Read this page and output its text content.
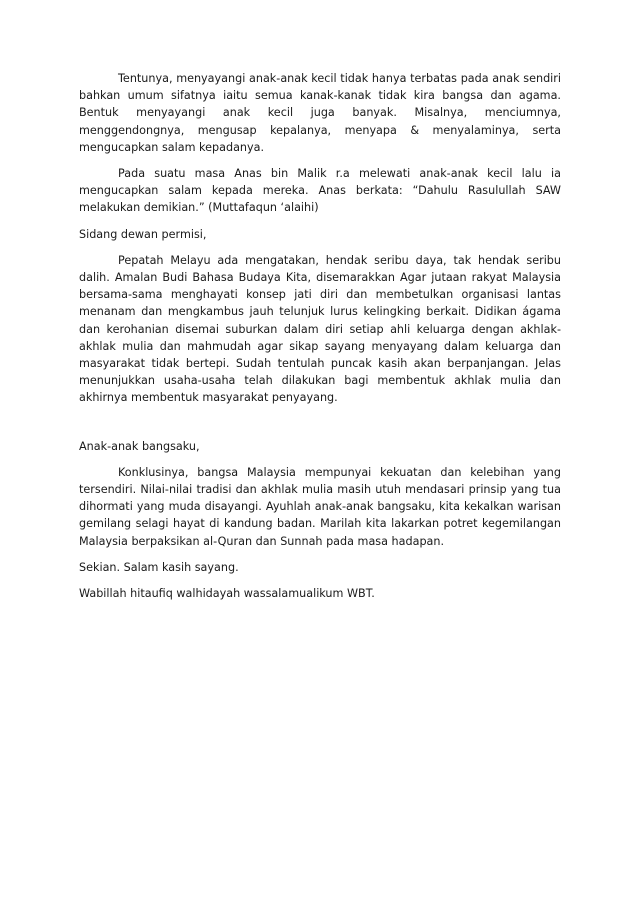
Tentunya, menyayangi anak-anak kecil tidak hanya terbatas pada anak sendiri bahkan umum sifatnya iaitu semua kanak-kanak tidak kira bangsa dan agama. Bentuk menyayangi anak kecil juga banyak. Misalnya, menciumnya, menggendongnya, mengusap kepalanya, menyapa & menyalaminya, serta mengucapkan salam kepadanya.

Pada suatu masa Anas bin Malik r.a melewati anak-anak kecil lalu ia mengucapkan salam kepada mereka. Anas berkata: “Dahulu Rasulullah SAW melakukan demikian.” (Muttafaqun ‘alaihi)

Sidang dewan permisi,

Pepatah Melayu ada mengatakan, hendak seribu daya, tak hendak seribu dalih. Amalan Budi Bahasa Budaya Kita, disemarakkan Agar jutaan rakyat Malaysia bersama-sama menghayati konsep jati diri dan membetulkan organisasi lantas menanam dan mengkambus jauh telunjuk lurus kelingking berkait. Didikan ágama dan kerohanian disemai suburkan dalam diri setiap ahli keluarga dengan akhlak-akhlak mulia dan mahmudah agar sikap sayang menyayang dalam keluarga dan masyarakat tidak bertepi. Sudah tentulah puncak kasih akan berpanjangan. Jelas menunjukkan usaha-usaha telah dilakukan bagi membentuk akhlak mulia dan akhirnya membentuk masyarakat penyayang.

Anak-anak bangsaku,

Konklusinya, bangsa Malaysia mempunyai kekuatan dan kelebihan yang tersendiri. Nilai-nilai tradisi dan akhlak mulia masih utuh mendasari prinsip yang tua dihormati yang muda disayangi. Ayuhlah anak-anak bangsaku, kita kekalkan warisan gemilang selagi hayat di kandung badan. Marilah kita lakarkan potret kegemilangan Malaysia berpaksikan al-Quran dan Sunnah pada masa hadapan.

Sekian. Salam kasih sayang.

Wabillah hitaufiq walhidayah wassalamualikum WBT.
